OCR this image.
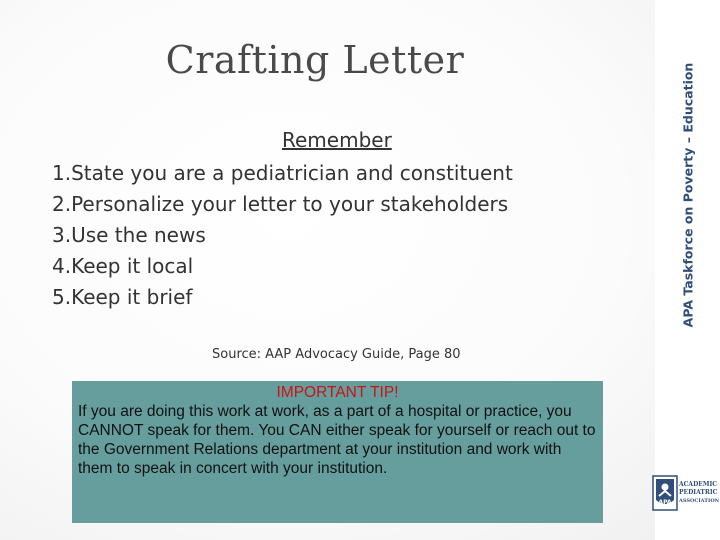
Crafting Letter
Remember
1.State you are a pediatrician and constituent
2.Personalize your letter to your stakeholders
3.Use the news
4.Keep it local
5.Keep it brief
Source: AAP Advocacy Guide, Page 80
IMPORTANT TIP!
If you are doing this work at work, as a part of a hospital or practice, you CANNOT speak for them. You CAN either speak for yourself or reach out to the Government Relations department at your institution and work with them to speak in concert with your institution.
APA Taskforce on Poverty – Education
APA
ACADEMIC
PEDIATRIC
ASSOCIATION
